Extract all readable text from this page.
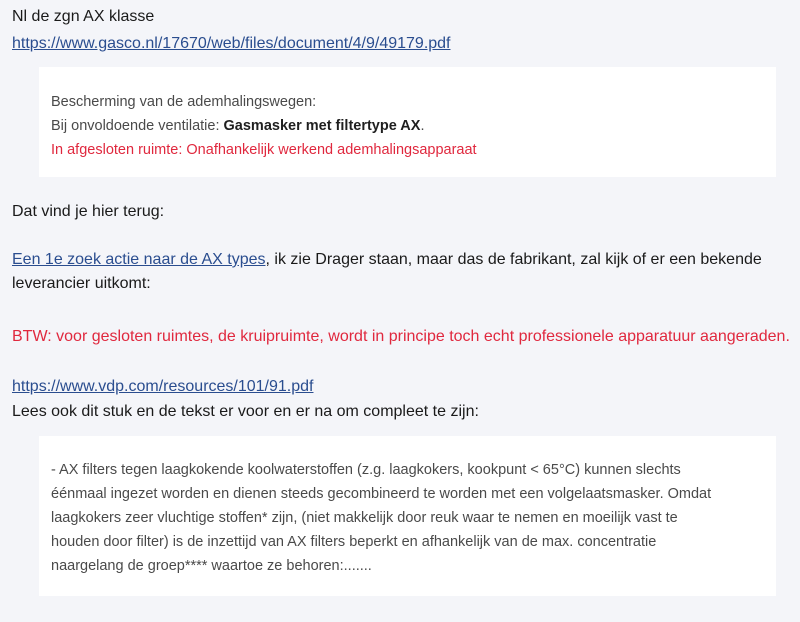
Nl de zgn AX klasse
https://www.gasco.nl/17670/web/files/document/4/9/49179.pdf
Bescherming van de ademhalingswegen:
Bij onvoldoende ventilatie: Gasmasker met filtertype AX.
In afgesloten ruimte: Onafhankelijk werkend ademhalingsapparaat
Dat vind je hier terug:
Een 1e zoek actie naar de AX types, ik zie Drager staan, maar das de fabrikant, zal kijk of er een bekende
leverancier uitkomt:
BTW: voor gesloten ruimtes, de kruipruimte, wordt in principe toch echt professionele apparatuur aangeraden.
https://www.vdp.com/resources/101/91.pdf
Lees ook dit stuk en de tekst er voor en er na om compleet te zijn:
- AX filters tegen laagkokende koolwaterstoffen (z.g. laagkokers, kookpunt < 65°C) kunnen slechts
éénmaal ingezet worden en dienen steeds gecombineerd te worden met een volgelaatsmasker. Omdat
laagkokers zeer vluchtige stoffen* zijn, (niet makkelijk door reuk waar te nemen en moeilijk vast te
houden door filter) is de inzettijd van AX filters beperkt en afhankelijk van de max. concentratie
naargelang de groep**** waartoe ze behoren:.......
